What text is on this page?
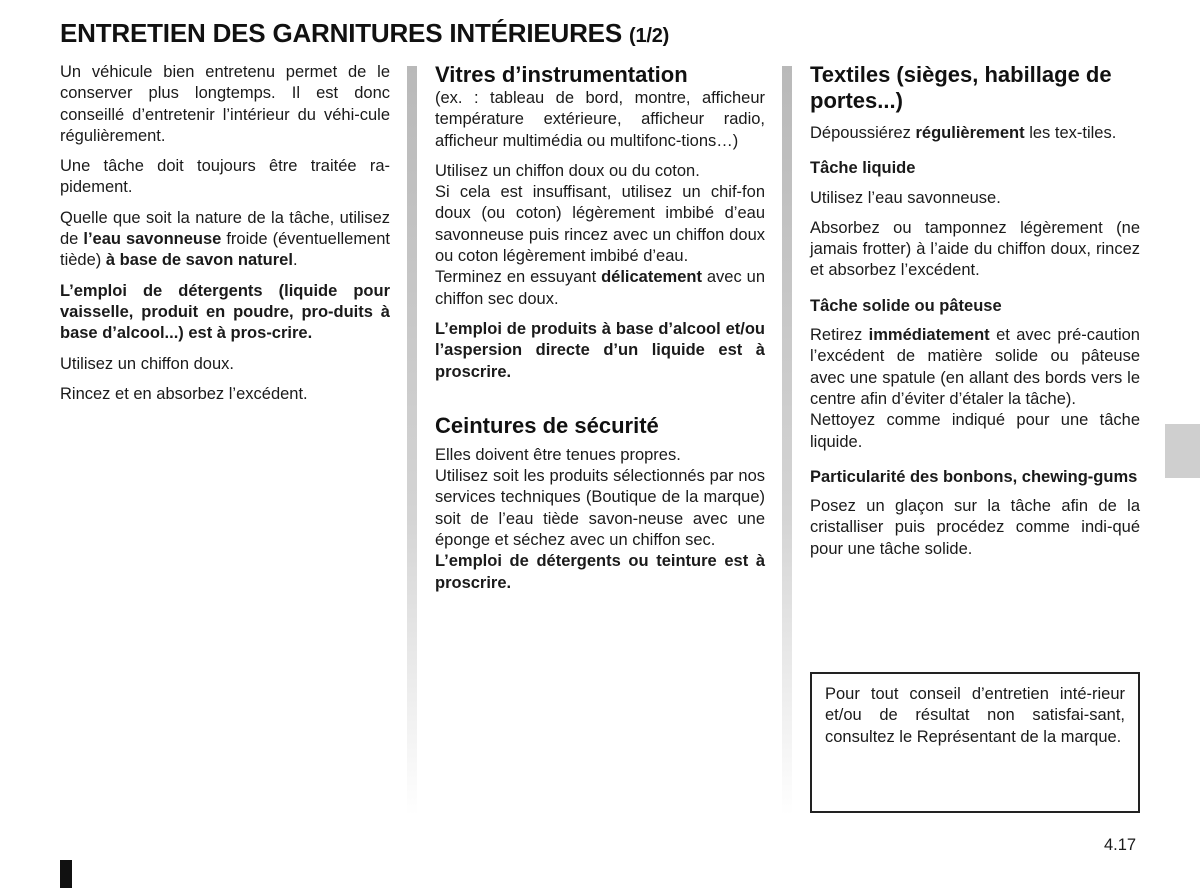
ENTRETIEN DES GARNITURES INTÉRIEURES (1/2)

Un véhicule bien entretenu permet de le conserver plus longtemps. Il est donc conseillé d’entretenir l’intérieur du véhi-cule régulièrement.

Une tâche doit toujours être traitée ra-pidement.

Quelle que soit la nature de la tâche, utilisez de l’eau savonneuse froide (éventuellement tiède) à base de savon naturel.

L’emploi de détergents (liquide pour vaisselle, produit en poudre, pro-duits à base d’alcool...) est à pros-crire.

Utilisez un chiffon doux.

Rincez et en absorbez l’excédent.

Vitres d’instrumentation

(ex. : tableau de bord, montre, afficheur température extérieure, afficheur radio, afficheur multimédia ou multifonc-tions…)

Utilisez un chiffon doux ou du coton.

Si cela est insuffisant, utilisez un chif-fon doux (ou coton) légèrement imbibé d’eau savonneuse puis rincez avec un chiffon doux ou coton légèrement imbibé d’eau.

Terminez en essuyant délicatement avec un chiffon sec doux.

L’emploi de produits à base d’alcool et/ou l’aspersion directe d’un liquide est à proscrire.

Ceintures de sécurité

Elles doivent être tenues propres.

Utilisez soit les produits sélectionnés par nos services techniques (Boutique de la marque) soit de l’eau tiède savon-neuse avec une éponge et séchez avec un chiffon sec.

L’emploi de détergents ou teinture est à proscrire.

Textiles (sièges, habillage de portes...)

Dépoussiérez régulièrement les tex-tiles.

Tâche liquide

Utilisez l’eau savonneuse.

Absorbez ou tamponnez légèrement (ne jamais frotter) à l’aide du chiffon doux, rincez et absorbez l’excédent.

Tâche solide ou pâteuse

Retirez immédiatement et avec pré-caution l’excédent de matière solide ou pâteuse avec une spatule (en allant des bords vers le centre afin d’éviter d’étaler la tâche).

Nettoyez comme indiqué pour une tâche liquide.

Particularité des bonbons, chewing-gums

Posez un glaçon sur la tâche afin de la cristalliser puis procédez comme indi-qué pour une tâche solide.

Pour tout conseil d’entretien inté-rieur et/ou de résultat non satisfai-sant, consultez le Représentant de la marque.
4.17
